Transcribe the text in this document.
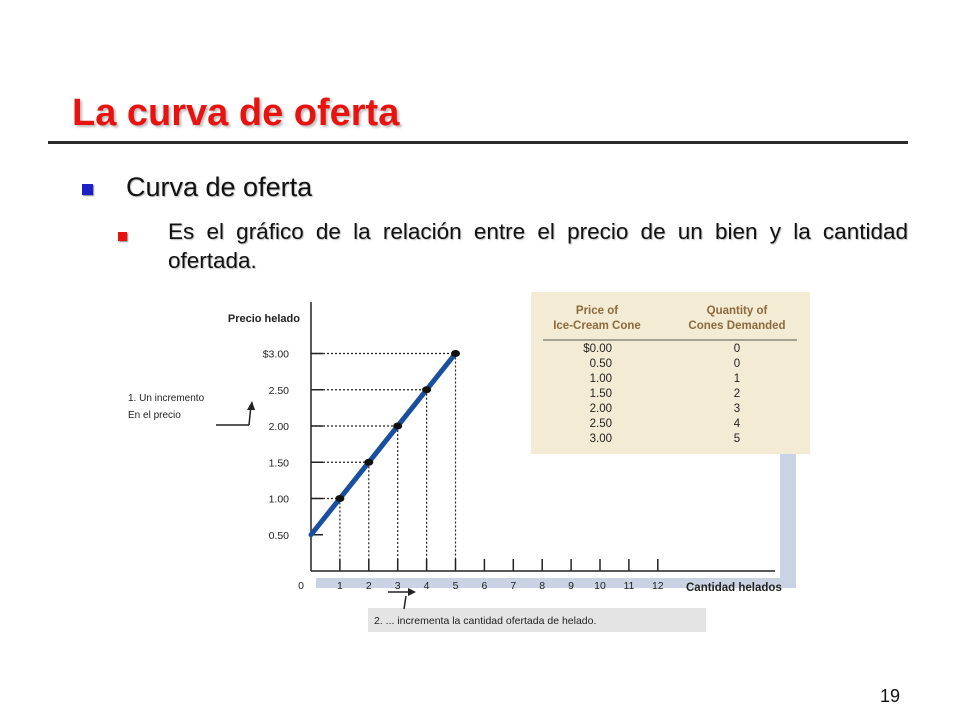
La curva de oferta
Curva de oferta
Es el gráfico de la relación entre el precio de un bien y la cantidad ofertada.
Precio helado
Cantidad helados
$3.00
2.50
2.00
1.50
1.00
0.50
0	1 2 3 4 5 6 7 8 9 10 11 12
1. Un incremento
En el precio
2. ... incrementa la cantidad ofertada de helado.
Price of
Ice-Cream Cone
Quantity of
Cones Demanded
$0.00	0
0.50	0
1.00	1
1.50	2
2.00	3
2.50	4
3.00	5
19
